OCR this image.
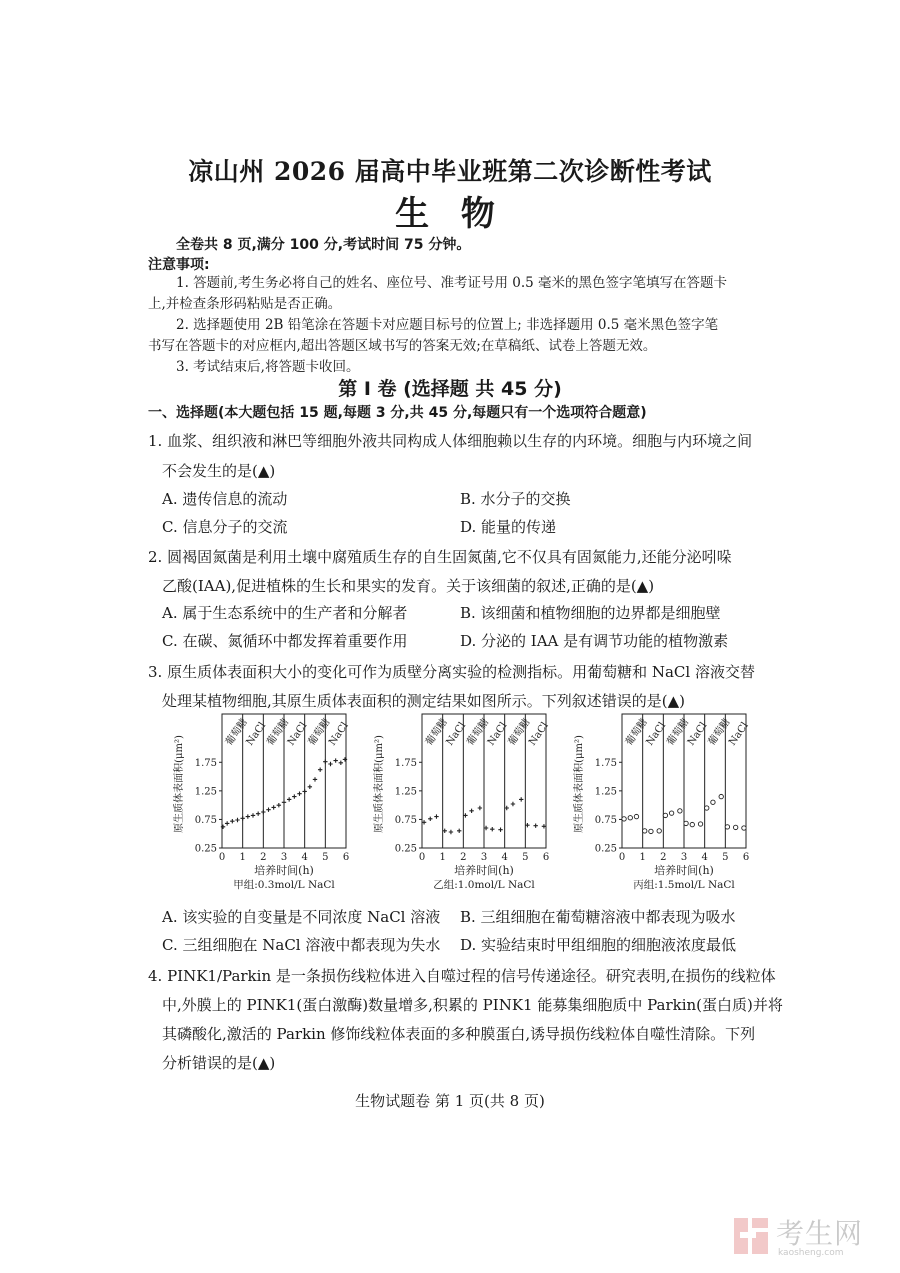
凉山州 2026 届高中毕业班第二次诊断性考试
生 物
全卷共 8 页,满分 100 分,考试时间 75 分钟。
注意事项:
1. 答题前,考生务必将自己的姓名、座位号、准考证号用 0.5 毫米的黑色签字笔填写在答题卡
上,并检查条形码粘贴是否正确。
2. 选择题使用 2B 铅笔涂在答题卡对应题目标号的位置上; 非选择题用 0.5 毫米黑色签字笔
书写在答题卡的对应框内,超出答题区域书写的答案无效;在草稿纸、试卷上答题无效。
3. 考试结束后,将答题卡收回。
第 Ⅰ 卷 (选择题 共 45 分)
一、选择题(本大题包括 15 题,每题 3 分,共 45 分,每题只有一个选项符合题意)
1. 血浆、组织液和淋巴等细胞外液共同构成人体细胞赖以生存的内环境。细胞与内环境之间
不会发生的是(▲)
A. 遗传信息的流动	B. 水分子的交换
C. 信息分子的交流	D. 能量的传递
2. 圆褐固氮菌是利用土壤中腐殖质生存的自生固氮菌,它不仅具有固氮能力,还能分泌吲哚
乙酸(IAA),促进植株的生长和果实的发育。关于该细菌的叙述,正确的是(▲)
A. 属于生态系统中的生产者和分解者	B. 该细菌和植物细胞的边界都是细胞壁
C. 在碳、氮循环中都发挥着重要作用	D. 分泌的 IAA 是有调节功能的植物激素
3. 原生质体表面积大小的变化可作为质壁分离实验的检测指标。用葡萄糖和 NaCl 溶液交替
处理某植物细胞,其原生质体表面积的测定结果如图所示。下列叙述错误的是(▲)
葡萄糖
NaCl
葡萄糖
NaCl
葡萄糖
NaCl
0.25
0.75
1.25
1.75
0 1 2 3 4 5 6
原生质体表面积(μm²)
培养时间(h)
甲组:0.3mol/L NaCl
葡萄糖
NaCl
葡萄糖
NaCl
葡萄糖
NaCl
0.25
0.75
1.25
1.75
0 1 2 3 4 5 6
原生质体表面积(μm²)
培养时间(h)
乙组:1.0mol/L NaCl
葡萄糖
NaCl
葡萄糖
NaCl
葡萄糖
NaCl
0.25
0.75
1.25
1.75
0 1 2 3 4 5 6
原生质体表面积(μm²)
培养时间(h)
丙组:1.5mol/L NaCl
A. 该实验的自变量是不同浓度 NaCl 溶液 B. 三组细胞在葡萄糖溶液中都表现为吸水
C. 三组细胞在 NaCl 溶液中都表现为失水 D. 实验结束时甲组细胞的细胞液浓度最低
4. PINK1/Parkin 是一条损伤线粒体进入自噬过程的信号传递途径。研究表明,在损伤的线粒体
中,外膜上的 PINK1(蛋白激酶)数量增多,积累的 PINK1 能募集细胞质中 Parkin(蛋白质)并将
其磷酸化,激活的 Parkin 修饰线粒体表面的多种膜蛋白,诱导损伤线粒体自噬性清除。下列
分析错误的是(▲)
生物试题卷 第 1 页(共 8 页)
考生网
kaosheng.com
